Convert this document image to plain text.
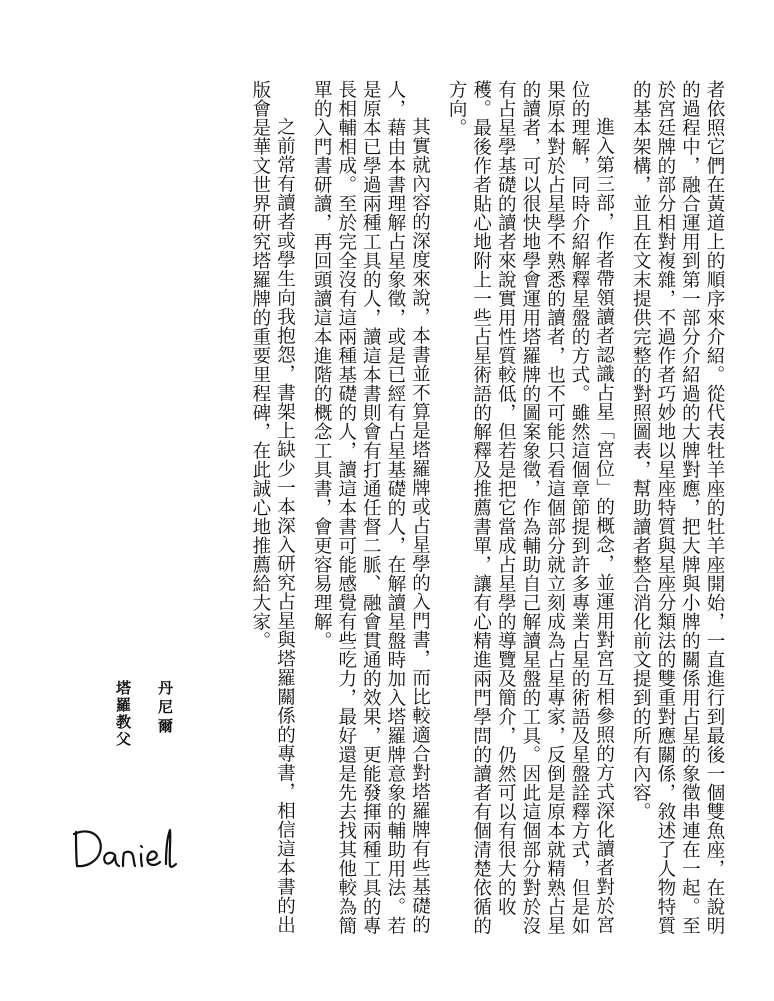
者依照它們在黃道上的順序來介紹。從代表牡羊座的牡羊座開始，一直進行到最後一個雙魚座，在說明的過程中，融合運用到第一部分介紹過的大牌對應，把大牌與小牌的關係用占星的象徵串連在一起。至於宮廷牌的部分相對複雜，不過作者巧妙地以星座特質與星座分類法的雙重對應關係，敘述了人物特質的基本架構，並且在文末提供完整的對照圖表，幫助讀者整合消化前文提到的所有內容。

進入第三部，作者帶領讀者認識占星「宮位」的概念，並運用對宮互相參照的方式深化讀者對於宮位的理解，同時介紹解釋星盤的方式。雖然這個章節提到許多專業占星的術語及星盤詮釋方式，但是如果原本對於占星學不熟悉的讀者，也不可能只看這個部分就立刻成為占星專家，反倒是原本就精熟占星的讀者，可以很快地學會運用塔羅牌的圖案象徵，作為輔助自己解讀星盤的工具。因此這個部分對於沒有占星學基礎的讀者來說實用性質較低，但若是把它當成占星學的導覽及簡介，仍然可以有很大的收穫。最後作者貼心地附上一些占星術語的解釋及推薦書單，讓有心精進兩門學問的讀者有個清楚依循的方向。

其實就內容的深度來說，本書並不算是塔羅牌或占星學的入門書，而比較適合對塔羅牌有些基礎的人，藉由本書理解占星象徵，或是已經有占星基礎的人，在解讀星盤時加入塔羅牌意象的輔助用法。若是原本已學過兩種工具的人，讀這本書則會有打通任督二脈、融會貫通的效果，更能發揮兩種工具的專長相輔相成。至於完全沒有這兩種基礎的人，讀這本書可能感覺有些吃力，最好還是先去找其他較為簡單的入門書研讀，再回頭讀這本進階的概念工具書，會更容易理解。

之前常有讀者或學生向我抱怨，書架上缺少一本深入研究占星與塔羅關係的專書，相信這本書的出版會是華文世界研究塔羅牌的重要里程碑，在此誠心地推薦給大家。

塔羅教父 丹尼爾
